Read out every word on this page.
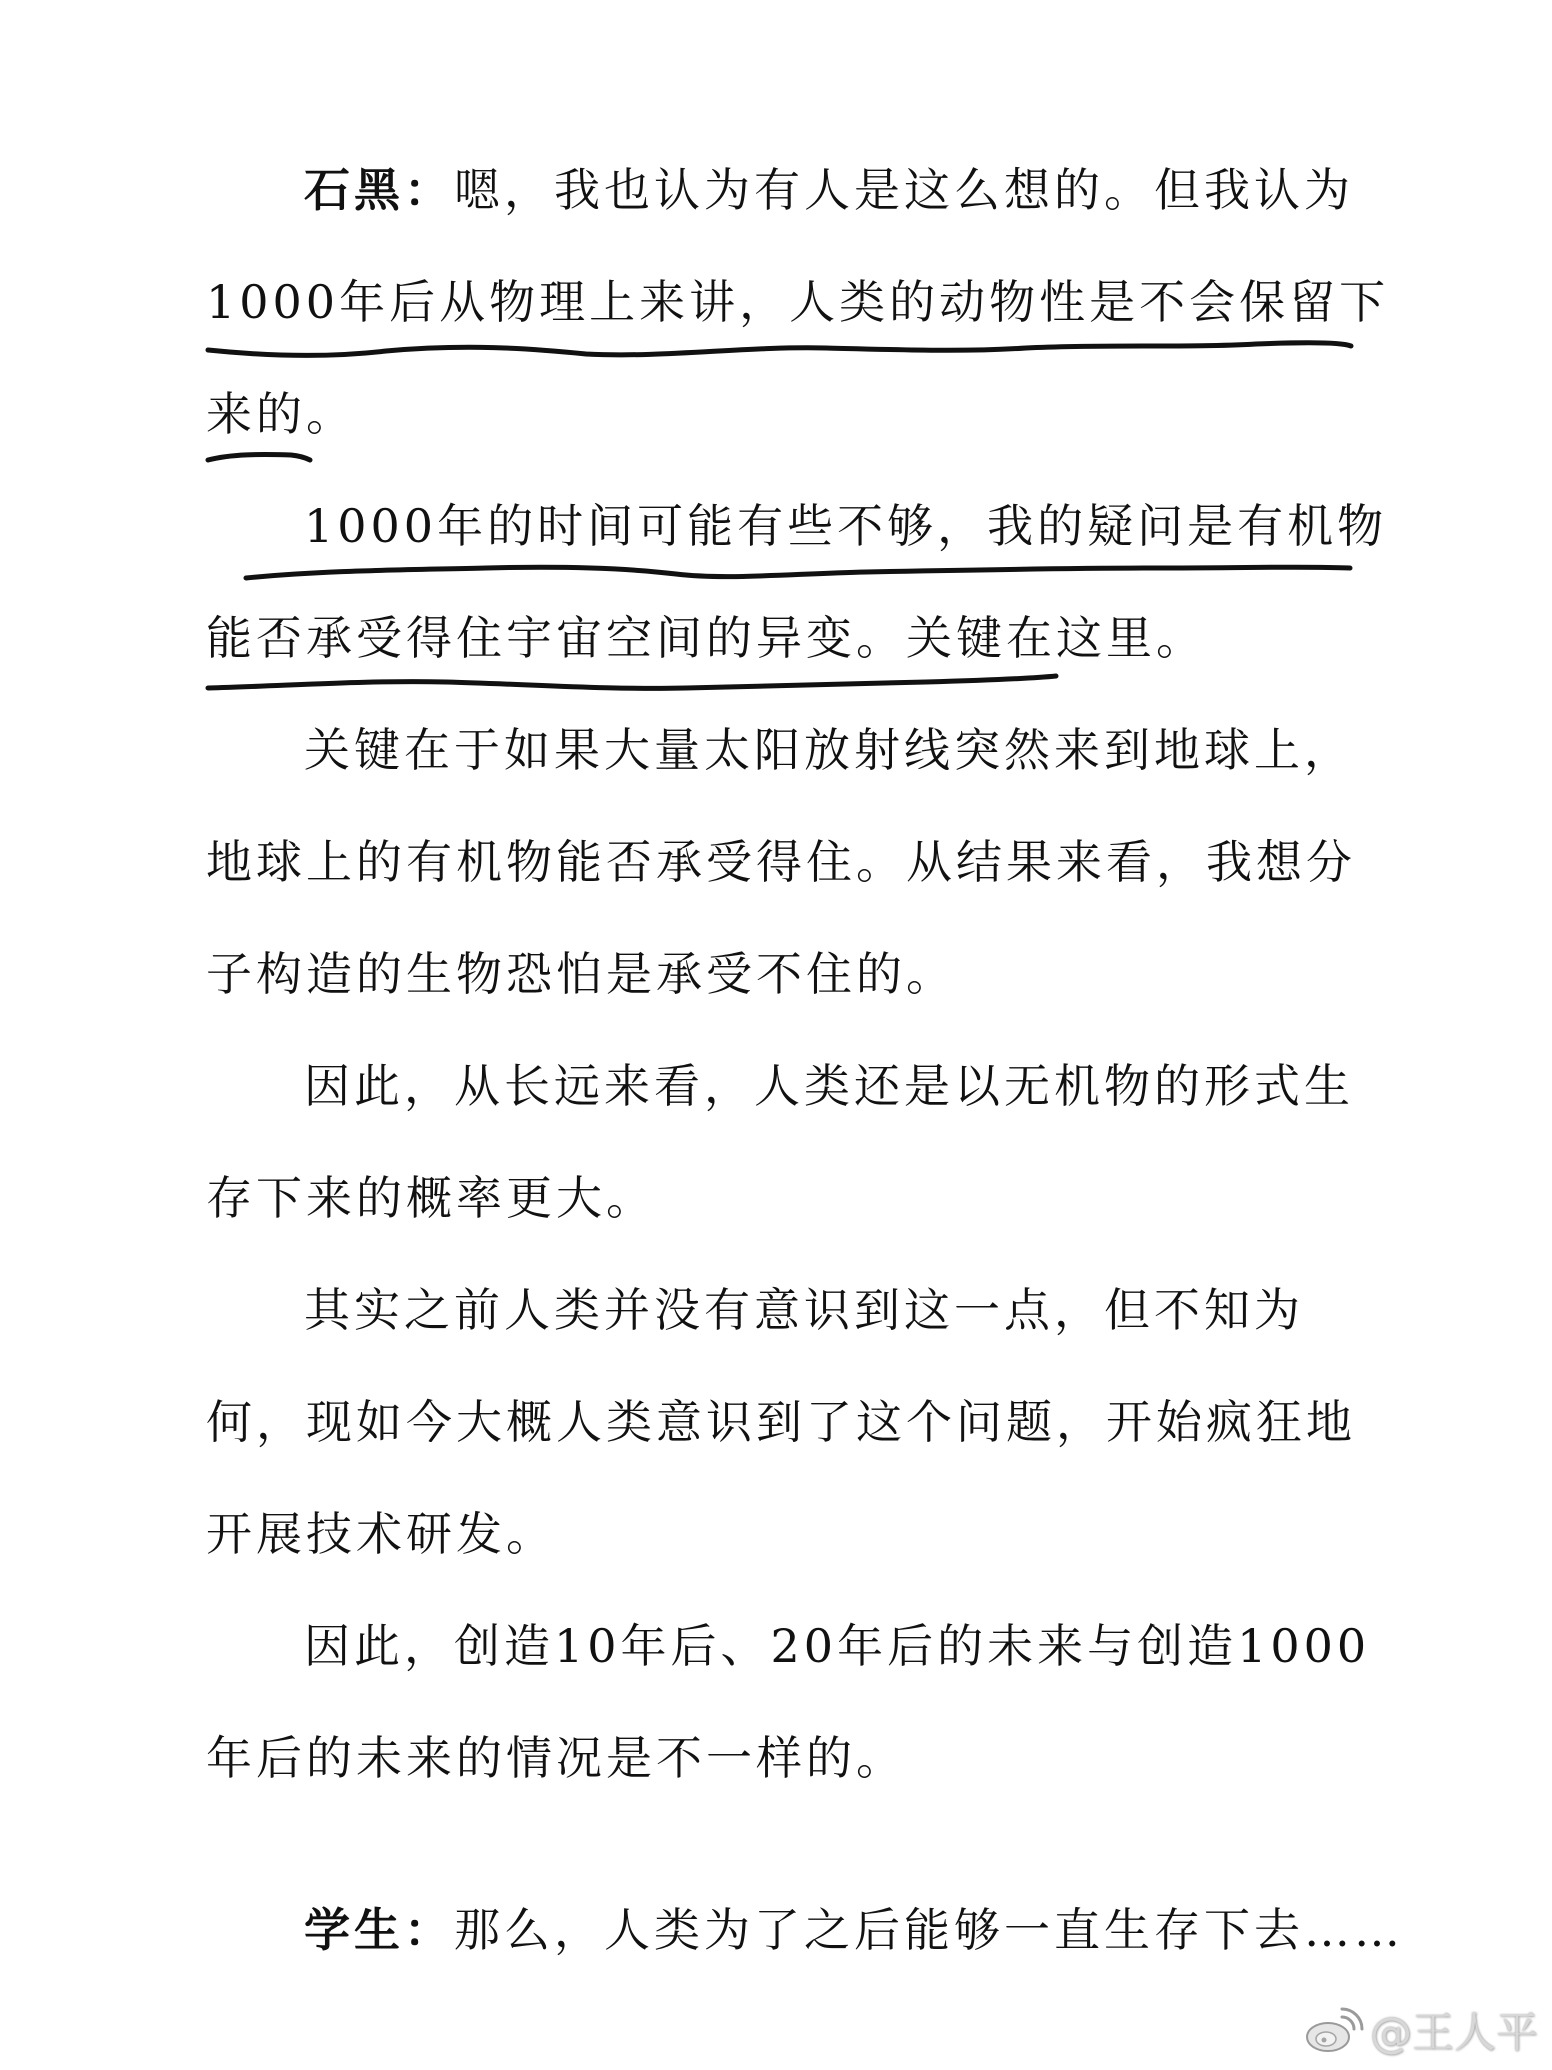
石黑：嗯，我也认为有人是这么想的。但我认为
1000年后从物理上来讲，人类的动物性是不会保留下
来的。
1000年的时间可能有些不够，我的疑问是有机物
能否承受得住宇宙空间的异变。关键在这里。
关键在于如果大量太阳放射线突然来到地球上，
地球上的有机物能否承受得住。从结果来看，我想分
子构造的生物恐怕是承受不住的。
因此，从长远来看，人类还是以无机物的形式生
存下来的概率更大。
其实之前人类并没有意识到这一点，但不知为
何，现如今大概人类意识到了这个问题，开始疯狂地
开展技术研发。
因此，创造10年后、20年后的未来与创造1000
年后的未来的情况是不一样的。
学生：那么，人类为了之后能够一直生存下去……
@王人平
